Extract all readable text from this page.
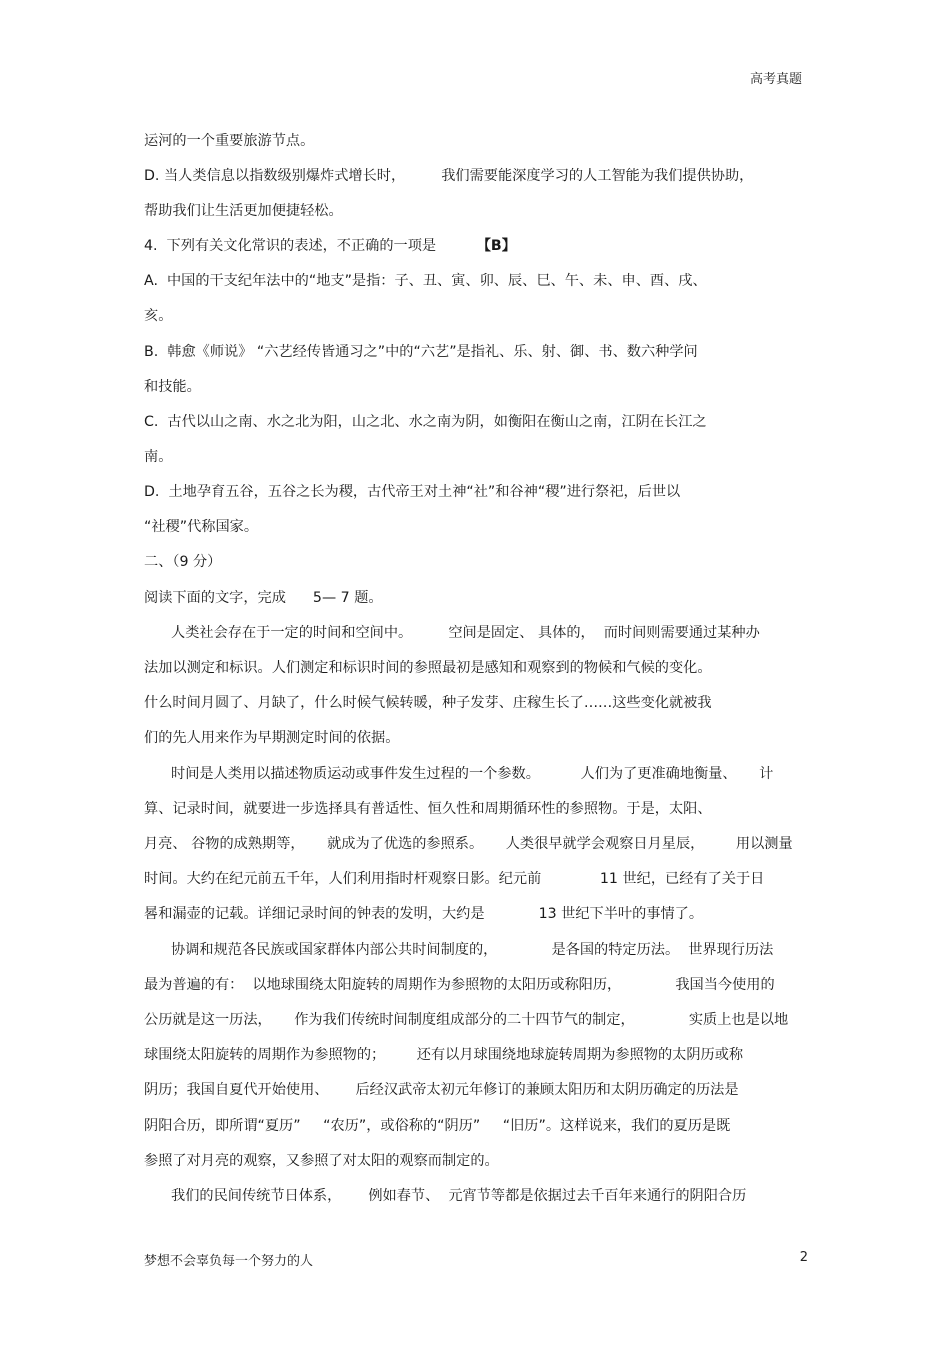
高考真题
运河的一个重要旅游节点。
D. 当人类信息以指数级别爆炸式增长时，        我们需要能深度学习的人工智能为我们提供协助，
帮助我们让生活更加便捷轻松。
4.  下列有关文化常识的表述，不正确的一项是         【B】
A.  中国的干支纪年法中的“地支”是指：子、丑、寅、卯、辰、巳、午、未、申、酉、戌、
亥。
B.  韩愈《师说》 “六艺经传皆通习之”中的“六艺”是指礼、乐、射、御、书、数六种学问
和技能。
C.  古代以山之南、水之北为阳，山之北、水之南为阴，如衡阳在衡山之南，江阴在长江之
南。
D.  土地孕育五谷，五谷之长为稷，古代帝王对土神“社”和谷神“稷”进行祭祀，后世以
“社稷”代称国家。
二、（9 分）
阅读下面的文字，完成      5— 7 题。
人类社会存在于一定的时间和空间中。        空间是固定、 具体的，  而时间则需要通过某种办
法加以测定和标识。人们测定和标识时间的参照最初是感知和观察到的物候和气候的变化。
什么时间月圆了、月缺了，什么时候气候转暖，种子发芽、庄稼生长了……这些变化就被我
们的先人用来作为早期测定时间的依据。
时间是人类用以描述物质运动或事件发生过程的一个参数。         人们为了更准确地衡量、     计
算、记录时间，就要进一步选择具有普适性、恒久性和周期循环性的参照物。于是，太阳、
月亮、 谷物的成熟期等，     就成为了优选的参照系。     人类很早就学会观察日月星辰，       用以测量
时间。大约在纪元前五千年，人们利用指时杆观察日影。纪元前             11 世纪，已经有了关于日
晷和漏壶的记载。详细记录时间的钟表的发明，大约是            13 世纪下半叶的事情了。
协调和规范各民族或国家群体内部公共时间制度的，            是各国的特定历法。  世界现行历法
最为普遍的有：  以地球围绕太阳旋转的周期作为参照物的太阳历或称阳历，            我国当今使用的
公历就是这一历法，     作为我们传统时间制度组成部分的二十四节气的制定，            实质上也是以地
球围绕太阳旋转的周期作为参照物的；       还有以月球围绕地球旋转周期为参照物的太阴历或称
阴历；我国自夏代开始使用、      后经汉武帝太初元年修订的兼顾太阳历和太阴历确定的历法是
阴阳合历，即所谓“夏历”     “农历”，或俗称的“阴历”     “旧历”。这样说来，我们的夏历是既
参照了对月亮的观察，又参照了对太阳的观察而制定的。
我们的民间传统节日体系，      例如春节、  元宵节等都是依据过去千百年来通行的阴阳合历
梦想不会辜负每一个努力的人	2
